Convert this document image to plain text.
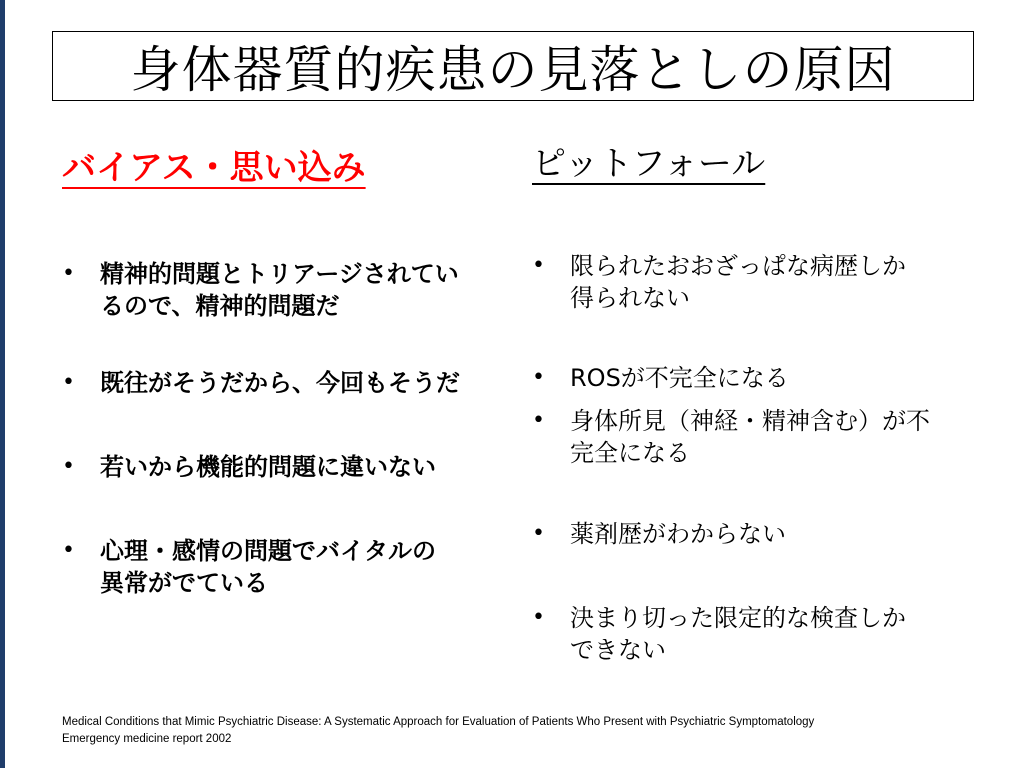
身体器質的疾患の見落としの原因
バイアス・思い込み	ピットフォール
•	精神的問題とトリアージされてい
るので、精神的問題だ
•	既往がそうだから、今回もそうだ
•	若いから機能的問題に違いない
•	心理・感情の問題でバイタルの
異常がでている
•	限られたおおざっぱな病歴しか
得られない
•	ROSが不完全になる
•	身体所見（神経・精神含む）が不
完全になる
•	薬剤歴がわからない
•	決まり切った限定的な検査しか
できない
Medical Conditions that Mimic Psychiatric Disease: A Systematic Approach for Evaluation of Patients Who Present with Psychiatric Symptomatology
Emergency medicine report 2002
